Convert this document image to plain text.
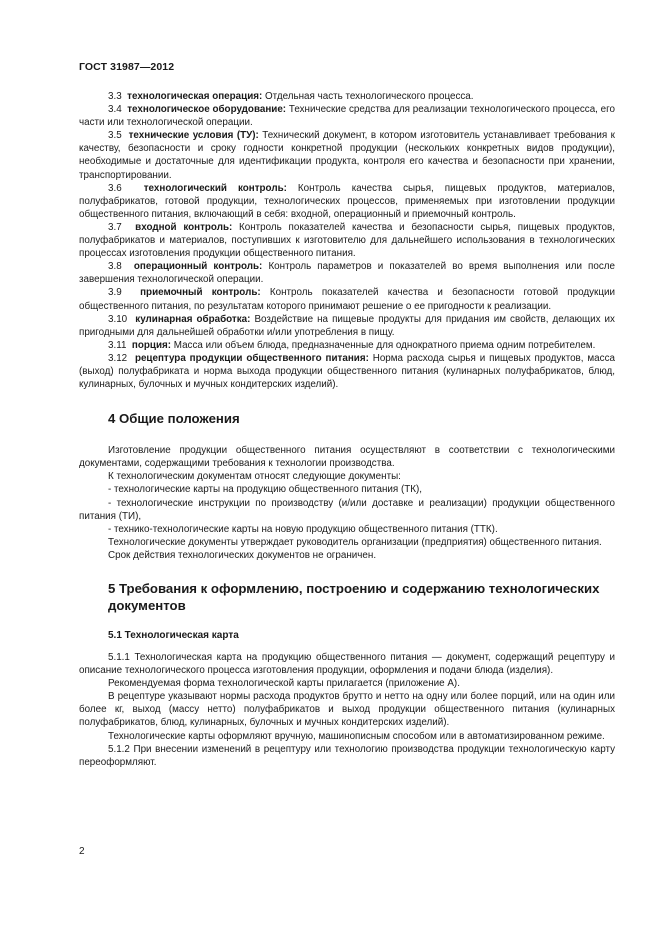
ГОСТ 31987—2012

3.3 технологическая операция: Отдельная часть технологического процесса.

3.4 технологическое оборудование: Технические средства для реализации технологического процесса, его части или технологической операции.

3.5 технические условия (ТУ): Технический документ, в котором изготовитель устанавливает требования к качеству, безопасности и сроку годности конкретной продукции (нескольких конкретных видов продукции), необходимые и достаточные для идентификации продукта, контроля его качества и безопасности при хранении, транспортировании.

3.6 технологический контроль: Контроль качества сырья, пищевых продуктов, материалов, полуфабрикатов, готовой продукции, технологических процессов, применяемых при изготовлении продукции общественного питания, включающий в себя: входной, операционный и приемочный контроль.

3.7 входной контроль: Контроль показателей качества и безопасности сырья, пищевых продуктов, полуфабрикатов и материалов, поступивших к изготовителю для дальнейшего использования в технологических процессах изготовления продукции общественного питания.

3.8 операционный контроль: Контроль параметров и показателей во время выполнения или после завершения технологической операции.

3.9 приемочный контроль: Контроль показателей качества и безопасности готовой продукции общественного питания, по результатам которого принимают решение о ее пригодности к реализации.

3.10 кулинарная обработка: Воздействие на пищевые продукты для придания им свойств, делающих их пригодными для дальнейшей обработки и/или употребления в пищу.

3.11 порция: Масса или объем блюда, предназначенные для однократного приема одним потребителем.

3.12 рецептура продукции общественного питания: Норма расхода сырья и пищевых продуктов, масса (выход) полуфабриката и норма выхода продукции общественного питания (кулинарных полуфабрикатов, блюд, кулинарных, булочных и мучных кондитерских изделий).

4 Общие положения

Изготовление продукции общественного питания осуществляют в соответствии с технологическими документами, содержащими требования к технологии производства.

К технологическим документам относят следующие документы:

- технологические карты на продукцию общественного питания (ТК),

- технологические инструкции по производству (и/или доставке и реализации) продукции общественного питания (ТИ),

- технико-технологические карты на новую продукцию общественного питания (ТТК).

Технологические документы утверждает руководитель организации (предприятия) общественного питания.

Срок действия технологических документов не ограничен.

5 Требования к оформлению, построению и содержанию технологических документов
5.1 Технологическая карта

5.1.1 Технологическая карта на продукцию общественного питания — документ, содержащий рецептуру и описание технологического процесса изготовления продукции, оформления и подачи блюда (изделия).

Рекомендуемая форма технологической карты прилагается (приложение А).

В рецептуре указывают нормы расхода продуктов брутто и нетто на одну или более порций, или на один или более кг, выход (массу нетто) полуфабрикатов и выход продукции общественного питания (кулинарных полуфабрикатов, блюд, кулинарных, булочных и мучных кондитерских изделий).

Технологические карты оформляют вручную, машинописным способом или в автоматизированном режиме.

5.1.2 При внесении изменений в рецептуру или технологию производства продукции технологическую карту переоформляют.

2
